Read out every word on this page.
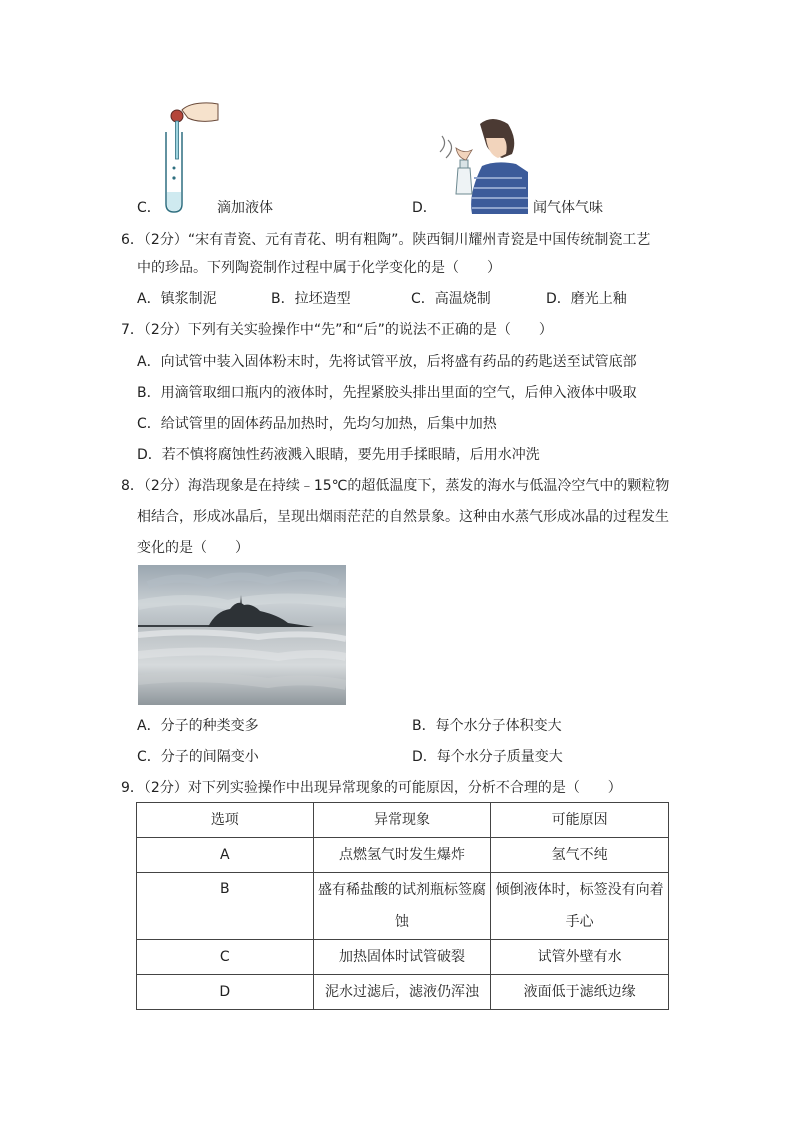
C．	滴加液体	D．	闻气体气味
6．（2分）“宋有青瓷、元有青花、明有粗陶”。陕西铜川耀州青瓷是中国传统制瓷工艺
中的珍品。下列陶瓷制作过程中属于化学变化的是（　　）
A．镇浆制泥	B．拉坯造型	C．高温烧制	D．磨光上釉
7．（2分）下列有关实验操作中“先”和“后”的说法不正确的是（　　）
A．向试管中装入固体粉末时，先将试管平放，后将盛有药品的药匙送至试管底部
B．用滴管取细口瓶内的液体时，先捏紧胶头排出里面的空气，后伸入液体中吸取
C．给试管里的固体药品加热时，先均匀加热，后集中加热
D．若不慎将腐蚀性药液溅入眼睛，要先用手揉眼睛，后用水冲洗
8．（2分）海浩现象是在持续﹣15℃的超低温度下，蒸发的海水与低温冷空气中的颗粒物
相结合，形成冰晶后，呈现出烟雨茫茫的自然景象。这种由水蒸气形成冰晶的过程发生
变化的是（　　）
A．分子的种类变多	B．每个水分子体积变大
C．分子的间隔变小	D．每个水分子质量变大
9．（2分）对下列实验操作中出现异常现象的可能原因，分析不合理的是（　　）
选项	异常现象	可能原因
A	点燃氢气时发生爆炸	氢气不纯
B	盛有稀盐酸的试剂瓶标签腐蚀	倾倒液体时，标签没有向着手心
C	加热固体时试管破裂	试管外壁有水
D	泥水过滤后，滤液仍浑浊	液面低于滤纸边缘
